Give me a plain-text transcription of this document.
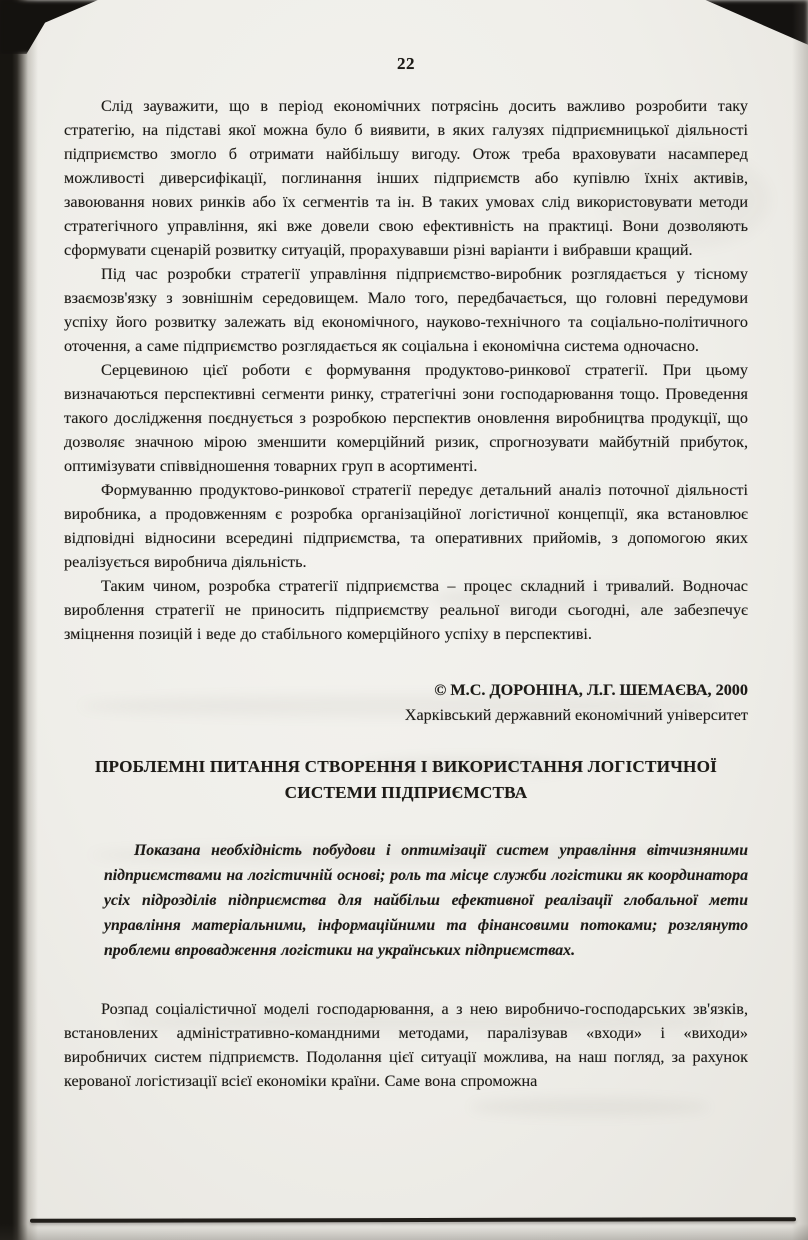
22

Слід зауважити, що в період економічних потрясінь досить важливо розробити таку стратегію, на підставі якої можна було б виявити, в яких галузях підприємницької діяльності підприємство змогло б отримати найбільшу вигоду. Отож треба враховувати насамперед можливості диверсифікації, поглинання інших підприємств або купівлю їхніх активів, завоювання нових ринків або їх сегментів та ін. В таких умовах слід використовувати методи стратегічного управління, які вже довели свою ефективність на практиці. Вони дозволяють сформувати сценарій розвитку ситуацій, прорахувавши різні варіанти і вибравши кращий.

Під час розробки стратегії управління підприємство-виробник розглядається у тісному взаємозв'язку з зовнішнім середовищем. Мало того, передбачається, що головні передумови успіху його розвитку залежать від економічного, науково-технічного та соціально-політичного оточення, а саме підприємство розглядається як соціальна і економічна система одночасно.

Серцевиною цієї роботи є формування продуктово-ринкової стратегії. При цьому визначаються перспективні сегменти ринку, стратегічні зони господарювання тощо. Проведення такого дослідження поєднується з розробкою перспектив оновлення виробництва продукції, що дозволяє значною мірою зменшити комерційний ризик, спрогнозувати майбутній прибуток, оптимізувати співвідношення товарних груп в асортименті.

Формуванню продуктово-ринкової стратегії передує детальний аналіз поточної діяльності виробника, а продовженням є розробка організаційної логістичної концепції, яка встановлює відповідні відносини всередині підприємства, та оперативних прийомів, з допомогою яких реалізується виробнича діяльність.

Таким чином, розробка стратегії підприємства – процес складний і тривалий. Водночас вироблення стратегії не приносить підприємству реальної вигоди сьогодні, але забезпечує зміцнення позицій і веде до стабільного комерційного успіху в перспективі.

© М.С. ДОРОНІНА, Л.Г. ШЕМАЄВА, 2000
Харківський державний економічний університет
ПРОБЛЕМНІ ПИТАННЯ СТВОРЕННЯ І ВИКОРИСТАННЯ ЛОГІСТИЧНОЇ СИСТЕМИ ПІДПРИЄМСТВА

Показана необхідність побудови і оптимізації систем управління вітчизняними підприємствами на логістичній основі; роль та місце служби логістики як координатора усіх підрозділів підприємства для найбільш ефективної реалізації глобальної мети управління матеріальними, інформаційними та фінансовими потоками; розглянуто проблеми впровадження логістики на українських підприємствах.

Розпад соціалістичної моделі господарювання, а з нею виробничо-господарських зв'язків, встановлених адміністративно-командними методами, паралізував «входи» і «виходи» виробничих систем підприємств. Подолання цієї ситуації можлива, на наш погляд, за рахунок керованої логістизації всієї економіки країни. Саме вона спроможна
